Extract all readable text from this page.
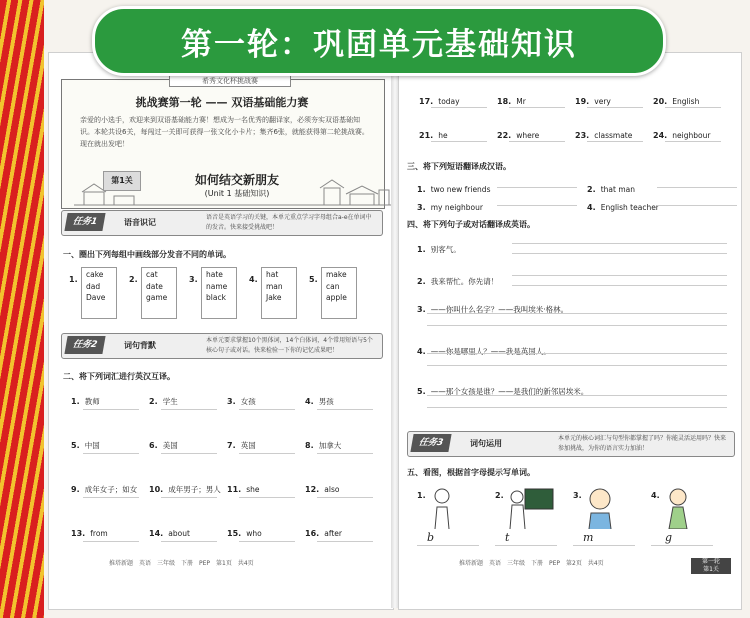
第一轮：巩固单元基础知识
挑战赛第一轮 —— 双语基础能力赛
亲爱的小选手，欢迎来到双语基础能力赛！想成为一名优秀的翻译家，必须夯实双语基础知识。本轮共设6关，每闯过一关即可获得一张文化小卡片；集齐6张，就能获得第二轮挑战赛。现在就出发吧！
希秀文化杯挑战赛
第1关	如何结交新朋友
(Unit 1 基础知识)
任务1	语音识记
语音是英语学习的关键，本单元重点学习字母组合a-e在单词中的发音。快来接受挑战吧！
一、圈出下列每组中画线部分发音不同的单词。
1.
cake
dad
Dave
2.
cat
date
game
3.
hate
name
black
4.
hat
man
Jake
5.
make
can
apple
任务2	词句背默
本单元要求掌握10个黑体词，14个白体词，4个常用短语与5个核心句子或对话。快来检验一下你的记忆成果吧！
二、将下列词汇进行英汉互译。
1. 教师	2. 学生	3. 女孩	4. 男孩
5. 中国	6. 美国	7. 英国	8. 加拿大
9. 成年女子；如女 10. 成年男子；男人 11. she	12. also
13. from	14. about	15. who	16. after
推塔新题　英语　三年级　下册　PEP　第1页　共4页
17. today	18. Mr	19. very	20. English
21. he	22. where	23. classmate	24. neighbour
三、将下列短语翻译成汉语。
1. two new friends	2. that man
3. my neighbour	4. English teacher
四、将下列句子或对话翻译成英语。
1. 别客气。
2. 我来帮忙。你先请！
3. ——你叫什么名字？——我叫埃米·格林。
4. ——你是哪里人？——我是英国人。
5. ——那个女孩是谁？——是我们的新邻居埃米。
任务3	词句运用
本单元的核心词汇与句型你都掌握了吗？你能灵活运用吗？快来参加挑战，为你的语言实力加油！
五、看图，根据首字母提示写单词。
1.
b
2.
t
3.
m
4.
g
推塔新题　英语　三年级　下册　PEP　第2页　共4页	第一轮
第1关
